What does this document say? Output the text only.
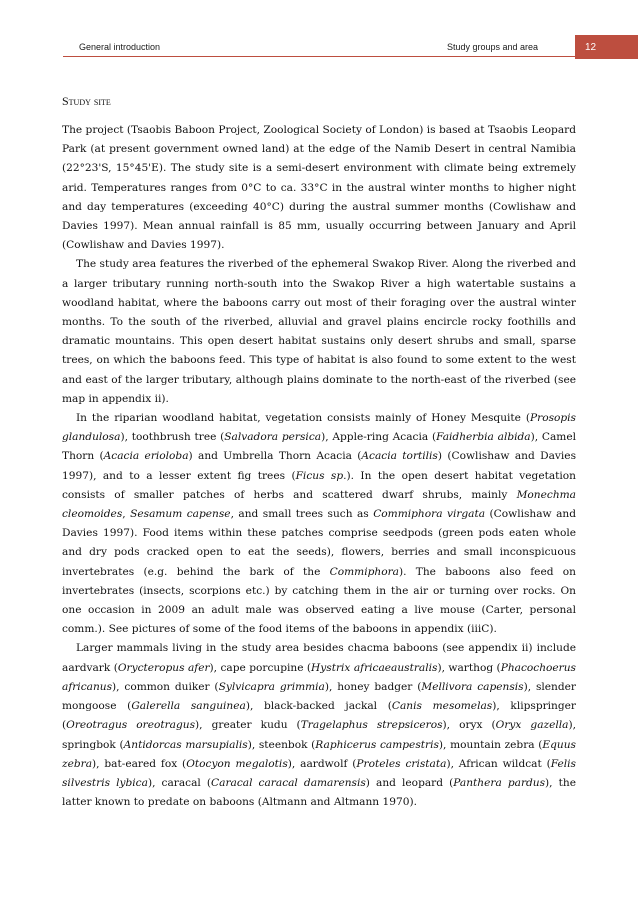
General introduction	Study groups and area	12
Study site

The project (Tsaobis Baboon Project, Zoological Society of London) is based at Tsaobis Leopard Park (at present government owned land) at the edge of the Namib Desert in central Namibia (22°23'S, 15°45'E). The study site is a semi-desert environment with climate being extremely arid. Temperatures ranges from 0°C to ca. 33°C in the austral winter months to higher night and day temperatures (exceeding 40°C) during the austral summer months (Cowlishaw and Davies 1997). Mean annual rainfall is 85 mm, usually occurring between January and April (Cowlishaw and Davies 1997).

The study area features the riverbed of the ephemeral Swakop River. Along the riverbed and a larger tributary running north-south into the Swakop River a high watertable sustains a woodland habitat, where the baboons carry out most of their foraging over the austral winter months. To the south of the riverbed, alluvial and gravel plains encircle rocky foothills and dramatic mountains. This open desert habitat sustains only desert shrubs and small, sparse trees, on which the baboons feed. This type of habitat is also found to some extent to the west and east of the larger tributary, although plains dominate to the north-east of the riverbed (see map in appendix ii).

In the riparian woodland habitat, vegetation consists mainly of Honey Mesquite (Prosopis glandulosa), toothbrush tree (Salvadora persica), Apple-ring Acacia (Faidherbia albida), Camel Thorn (Acacia erioloba) and Umbrella Thorn Acacia (Acacia tortilis) (Cowlishaw and Davies 1997), and to a lesser extent fig trees (Ficus sp.). In the open desert habitat vegetation consists of smaller patches of herbs and scattered dwarf shrubs, mainly Monechma cleomoides, Sesamum capense, and small trees such as Commiphora virgata (Cowlishaw and Davies 1997). Food items within these patches comprise seedpods (green pods eaten whole and dry pods cracked open to eat the seeds), flowers, berries and small inconspicuous invertebrates (e.g. behind the bark of the Commiphora). The baboons also feed on invertebrates (insects, scorpions etc.) by catching them in the air or turning over rocks. On one occasion in 2009 an adult male was observed eating a live mouse (Carter, personal comm.). See pictures of some of the food items of the baboons in appendix (iiiC).

Larger mammals living in the study area besides chacma baboons (see appendix ii) include aardvark (Orycteropus afer), cape porcupine (Hystrix africaeaustralis), warthog (Phacochoerus africanus), common duiker (Sylvicapra grimmia), honey badger (Mellivora capensis), slender mongoose (Galerella sanguinea), black-backed jackal (Canis mesomelas), klipspringer (Oreotragus oreotragus), greater kudu (Tragelaphus strepsiceros), oryx (Oryx gazella), springbok (Antidorcas marsupialis), steenbok (Raphicerus campestris), mountain zebra (Equus zebra), bat-eared fox (Otocyon megalotis), aardwolf (Proteles cristata), African wildcat (Felis silvestris lybica), caracal (Caracal caracal damarensis) and leopard (Panthera pardus), the latter known to predate on baboons (Altmann and Altmann 1970).
